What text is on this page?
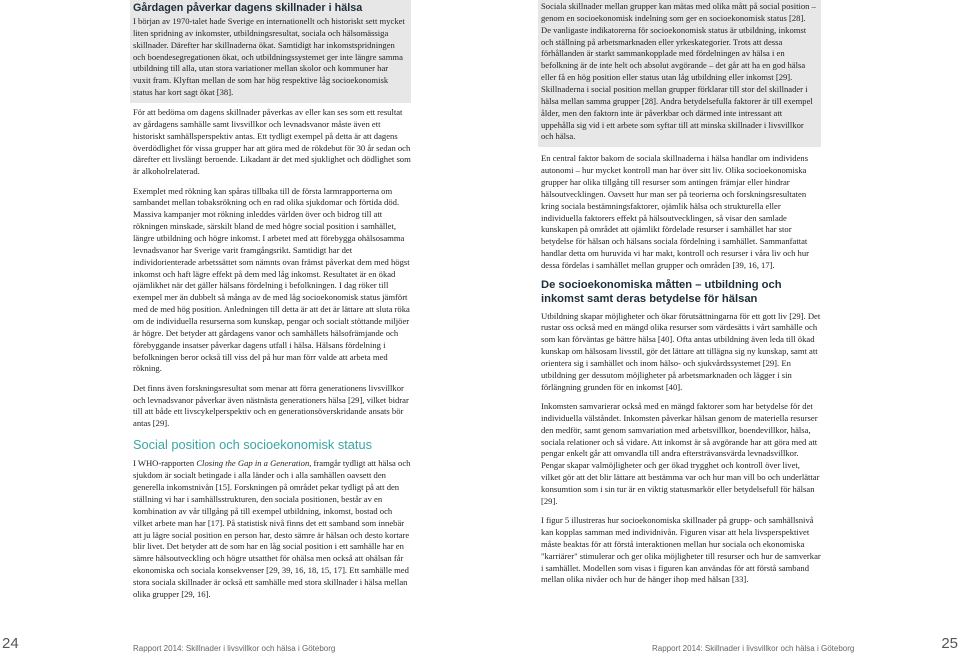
Gårdagen påverkar dagens skillnader i hälsa

I början av 1970-talet hade Sverige en internationellt och historiskt sett mycket liten spridning av inkomster, utbildningsresultat, sociala och hälsomässiga skillnader. Därefter har skillnaderna ökat. Samtidigt har inkomstspridningen och boendesegregationen ökat, och utbildningssystemet ger inte längre samma utbildning till alla, utan stora variationer mellan skolor och kommuner har vuxit fram. Klyftan mellan de som har hög respektive låg socioekonomisk status har kort sagt ökat [38].

För att bedöma om dagens skillnader påverkas av eller kan ses som ett resultat av gårdagens samhälle samt livsvillkor och levnadsvanor måste även ett historiskt samhällsperspektiv antas. Ett tydligt exempel på detta är att dagens överdödlighet för vissa grupper har att göra med de rökdebut för 30 år sedan och därefter ett livslängt beroende. Likadant är det med sjuklighet och dödlighet som är alkoholrelaterad.

Exemplet med rökning kan spåras tillbaka till de första larmrapporterna om sambandet mellan tobaksrökning och en rad olika sjukdomar och förtida död. Massiva kampanjer mot rökning inleddes världen över och bidrog till att rökningen minskade, särskilt bland de med högre social position i samhället, längre utbildning och högre inkomst. I arbetet med att förebygga ohälsosamma levnadsvanor har Sverige varit framgångsrikt. Samtidigt har det individorienterade arbetssättet som nämnts ovan främst påverkat dem med högst inkomst och haft lägre effekt på dem med låg inkomst. Resultatet är en ökad ojämlikhet när det gäller hälsans fördelning i befolkningen. I dag röker till exempel mer än dubbelt så många av de med låg socioekonomisk status jämfört med de med hög position. Anledningen till detta är att det är lättare att sluta röka om de individuella resurserna som kunskap, pengar och socialt stöttande miljöer är högre. Det betyder att gårdagens vanor och samhällets hälsofrämjande och förebyggande insatser påverkar dagens utfall i hälsa. Hälsans fördelning i befolkningen beror också till viss del på hur man förr valde att arbeta med rökning.

Det finns även forskningsresultat som menar att förra generationens livsvillkor och levnadsvanor påverkar även nästnästa generationers hälsa [29], vilket bidrar till att både ett livscykelperspektiv och en generationsöverskridande ansats bör antas [29].

Social position och socioekonomisk status

I WHO-rapporten Closing the Gap in a Generation, framgår tydligt att hälsa och sjukdom är socialt betingade i alla länder och i alla samhällen oavsett den generella inkomstnivån [15]. Forskningen på området pekar tydligt på att den ställning vi har i samhällsstrukturen, den sociala positionen, består av en kombination av vår tillgång på till exempel utbildning, inkomst, bostad och vilket arbete man har [17]. På statistisk nivå finns det ett samband som innebär att ju lägre social position en person har, desto sämre är hälsan och desto kortare blir livet. Det betyder att de som har en låg social position i ett samhälle har en sämre hälsoutveckling och högre utsatthet för ohälsa men också att ohälsan får ekonomiska och sociala konsekvenser [29, 39, 16, 18, 15, 17]. Ett samhälle med stora sociala skillnader är också ett samhälle med stora skillnader i hälsa mellan olika grupper [29, 16].

Sociala skillnader mellan grupper kan mätas med olika mått på social position – genom en socioekonomisk indelning som ger en socioekonomisk status [28]. De vanligaste indikatorerna för socioekonomisk status är utbildning, inkomst och ställning på arbetsmarknaden eller yrkeskategorier. Trots att dessa förhållanden är starkt sammankopplade med fördelningen av hälsa i en befolkning är de inte helt och absolut avgörande – det går att ha en god hälsa eller få en hög position eller status utan låg utbildning eller inkomst [29]. Skillnaderna i social position mellan grupper förklarar till stor del skillnader i hälsa mellan samma grupper [28]. Andra betydelsefulla faktorer är till exempel ålder, men den faktorn inte är påverkbar och därmed inte intressant att uppehålla sig vid i ett arbete som syftar till att minska skillnader i livsvillkor och hälsa.

En central faktor bakom de sociala skillnaderna i hälsa handlar om individens autonomi – hur mycket kontroll man har över sitt liv. Olika socioekonomiska grupper har olika tillgång till resurser som antingen främjar eller hindrar hälsoutvecklingen. Oavsett hur man ser på teorierna och forskningsresultaten kring sociala bestämningsfaktorer, ojämlik hälsa och strukturella eller individuella faktorers effekt på hälsoutvecklingen, så visar den samlade kunskapen på området att ojämlikt fördelade resurser i samhället har stor betydelse för hälsan och hälsans sociala fördelning i samhället. Sammanfattat handlar detta om huruvida vi har makt, kontroll och resurser i våra liv och hur dessa fördelas i samhället mellan grupper och områden [39, 16, 17].

De socioekonomiska måtten – utbildning och inkomst samt deras betydelse för hälsan

Utbildning skapar möjligheter och ökar förutsättningarna för ett gott liv [29]. Det rustar oss också med en mängd olika resurser som värdesätts i vårt samhälle och som kan förväntas ge bättre hälsa [40]. Ofta antas utbildning även leda till ökad kunskap om hälsosam livsstil, gör det lättare att tillägna sig ny kunskap, samt att orientera sig i samhället och inom hälso- och sjukvårdssystemet [29]. En utbildning ger dessutom möjligheter på arbetsmarknaden och lägger i sin förlängning grunden för en inkomst [40].

Inkomsten samvarierar också med en mängd faktorer som har betydelse för det individuella välståndet. Inkomsten påverkar hälsan genom de materiella resurser den medför, samt genom samvariation med arbetsvillkor, boendevillkor, hälsa, sociala relationer och så vidare. Att inkomst är så avgörande har att göra med att pengar enkelt går att omvandla till andra eftersträvansvärda levnadsvillkor. Pengar skapar valmöjligheter och ger ökad trygghet och kontroll över livet, vilket gör att det blir lättare att bestämma var och hur man vill bo och underlättar konsumtion som i sin tur är en viktig statusmarkör eller betydelsefull för hälsan [29].

I figur 5 illustreras hur socioekonomiska skillnader på grupp- och samhällsnivå kan kopplas samman med individnivån. Figuren visar att hela livsperspektivet måste beaktas för att förstå interaktionen mellan hur sociala och ekonomiska "karriärer" stimulerar och ger olika möjligheter till resurser och hur de samverkar i samhället. Modellen som visas i figuren kan användas för att förstå samband mellan olika nivåer och hur de hänger ihop med hälsan [33].

24	Rapport 2014: Skillnader i livsvillkor och hälsa i Göteborg	Rapport 2014: Skillnader i livsvillkor och hälsa i Göteborg	25
